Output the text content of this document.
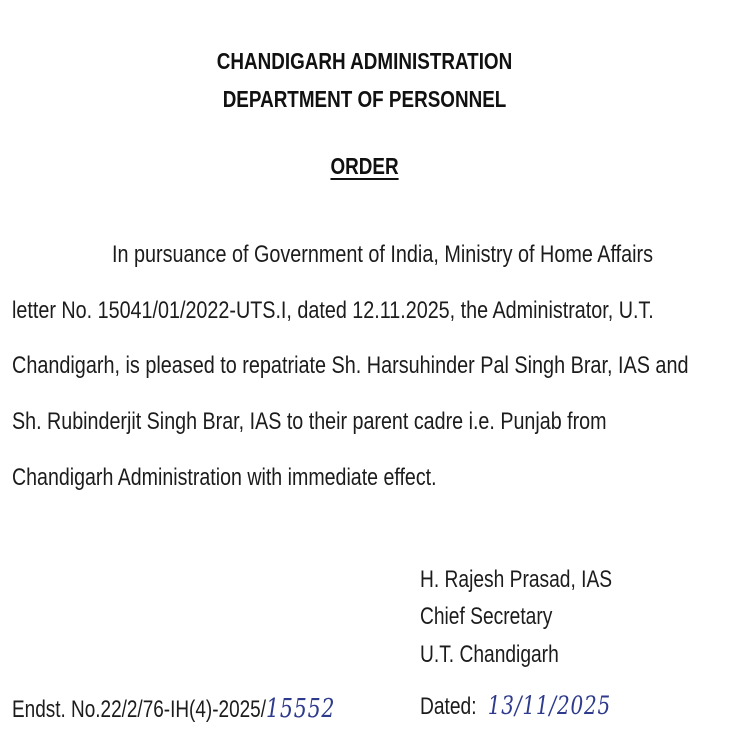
CHANDIGARH ADMINISTRATION
DEPARTMENT OF PERSONNEL
ORDER
In pursuance of Government of India, Ministry of Home Affairs
letter No. 15041/01/2022-UTS.I, dated 12.11.2025, the Administrator, U.T.
Chandigarh, is pleased to repatriate Sh. Harsuhinder Pal Singh Brar, IAS and
Sh. Rubinderjit Singh Brar, IAS to their parent cadre i.e. Punjab from
Chandigarh Administration with immediate effect.
H. Rajesh Prasad, IAS
Chief Secretary
U.T. Chandigarh
Endst. No.22/2/76-IH(4)-2025/15552	Dated: 13/11/2025
